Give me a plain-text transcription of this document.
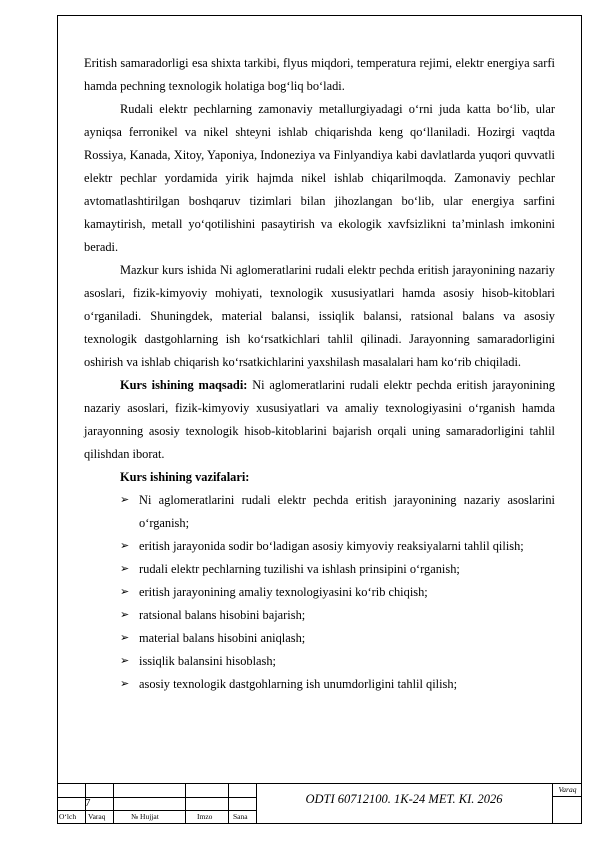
Eritish samaradorligi esa shixta tarkibi, flyus miqdori, temperatura rejimi, elektr energiya sarfi hamda pechning texnologik holatiga bog‘liq bo‘ladi.

Rudali elektr pechlarning zamonaviy metallurgiyadagi o‘rni juda katta bo‘lib, ular ayniqsa ferronikel va nikel shteyni ishlab chiqarishda keng qo‘llaniladi. Hozirgi vaqtda Rossiya, Kanada, Xitoy, Yaponiya, Indoneziya va Finlyandiya kabi davlatlarda yuqori quvvatli elektr pechlar yordamida yirik hajmda nikel ishlab chiqarilmoqda. Zamonaviy pechlar avtomatlashtirilgan boshqaruv tizimlari bilan jihozlangan bo‘lib, ular energiya sarfini kamaytirish, metall yo‘qotilishini pasaytirish va ekologik xavfsizlikni ta’minlash imkonini beradi.

Mazkur kurs ishida Ni aglomeratlarini rudali elektr pechda eritish jarayonining nazariy asoslari, fizik-kimyoviy mohiyati, texnologik xususiyatlari hamda asosiy hisob-kitoblari o‘rganiladi. Shuningdek, material balansi, issiqlik balansi, ratsional balans va asosiy texnologik dastgohlarning ish ko‘rsatkichlari tahlil qilinadi. Jarayonning samaradorligini oshirish va ishlab chiqarish ko‘rsatkichlarini yaxshilash masalalari ham ko‘rib chiqiladi.

Kurs ishining maqsadi: Ni aglomeratlarini rudali elektr pechda eritish jarayonining nazariy asoslari, fizik-kimyoviy xususiyatlari va amaliy texnologiyasini o‘rganish hamda jarayonning asosiy texnologik hisob-kitoblarini bajarish orqali uning samaradorligini tahlil qilishdan iborat.

Kurs ishining vazifalari:

➢ Ni aglomeratlarini rudali elektr pechda eritish jarayonining nazariy asoslarini o‘rganish;
➢ eritish jarayonida sodir bo‘ladigan asosiy kimyoviy reaksiyalarni tahlil qilish;
➢ rudali elektr pechlarning tuzilishi va ishlash prinsipini o‘rganish;
➢ eritish jarayonining amaliy texnologiyasini ko‘rib chiqish;
➢ ratsional balans hisobini bajarish;
➢ material balans hisobini aniqlash;
➢ issiqlik balansini hisoblash;
➢ asosiy texnologik dastgohlarning ish unumdorligini tahlil qilish;
O‘lch Varaq	№ Hujjat	Imzo	Sana
7	ODTI 60712100. 1K-24 MET. KI. 2026
Varaq
